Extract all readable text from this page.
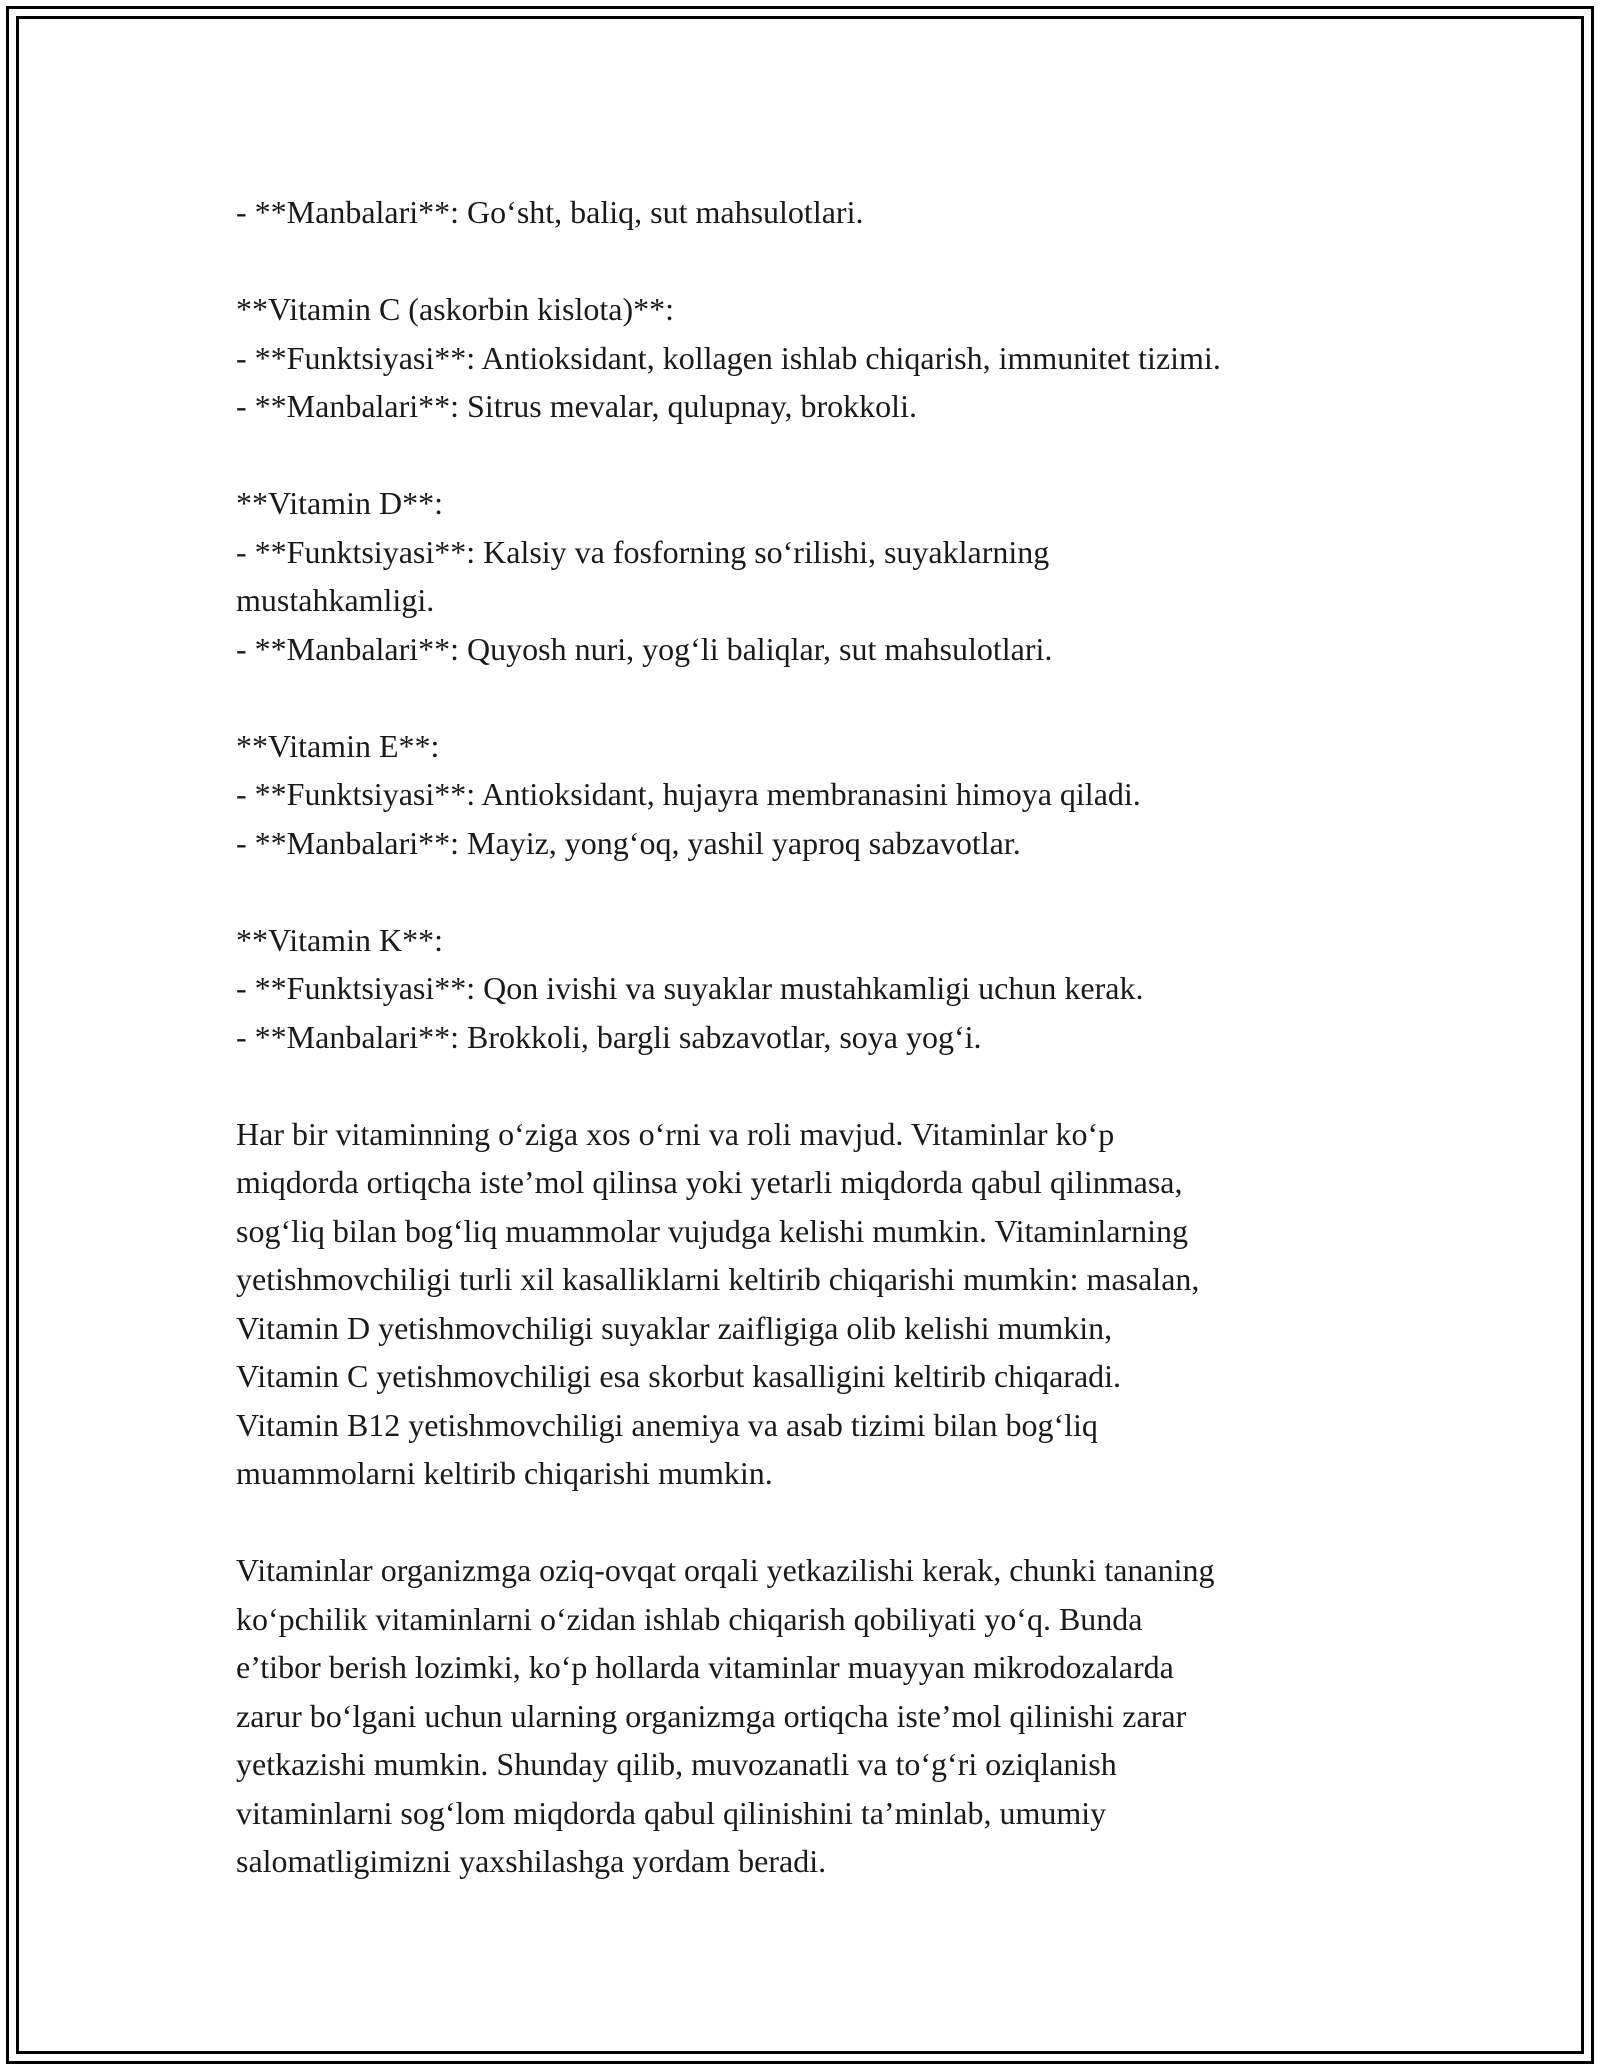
- **Manbalari**: Go‘sht, baliq, sut mahsulotlari.
**Vitamin C (askorbin kislota)**:
- **Funktsiyasi**: Antioksidant, kollagen ishlab chiqarish, immunitet tizimi.
- **Manbalari**: Sitrus mevalar, qulupnay, brokkoli.
**Vitamin D**:
- **Funktsiyasi**: Kalsiy va fosforning so‘rilishi, suyaklarning
mustahkamligi.
- **Manbalari**: Quyosh nuri, yog‘li baliqlar, sut mahsulotlari.
**Vitamin E**:
- **Funktsiyasi**: Antioksidant, hujayra membranasini himoya qiladi.
- **Manbalari**: Mayiz, yong‘oq, yashil yaproq sabzavotlar.
**Vitamin K**:
- **Funktsiyasi**: Qon ivishi va suyaklar mustahkamligi uchun kerak.
- **Manbalari**: Brokkoli, bargli sabzavotlar, soya yog‘i.

Har bir vitaminning o‘ziga xos o‘rni va roli mavjud. Vitaminlar ko‘p
miqdorda ortiqcha iste’mol qilinsa yoki yetarli miqdorda qabul qilinmasa,
sog‘liq bilan bog‘liq muammolar vujudga kelishi mumkin. Vitaminlarning
yetishmovchiligi turli xil kasalliklarni keltirib chiqarishi mumkin: masalan,
Vitamin D yetishmovchiligi suyaklar zaifligiga olib kelishi mumkin,
Vitamin C yetishmovchiligi esa skorbut kasalligini keltirib chiqaradi.
Vitamin B12 yetishmovchiligi anemiya va asab tizimi bilan bog‘liq
muammolarni keltirib chiqarishi mumkin.

Vitaminlar organizmga oziq-ovqat orqali yetkazilishi kerak, chunki tananing
ko‘pchilik vitaminlarni o‘zidan ishlab chiqarish qobiliyati yo‘q. Bunda
e’tibor berish lozimki, ko‘p hollarda vitaminlar muayyan mikrodozalarda
zarur bo‘lgani uchun ularning organizmga ortiqcha iste’mol qilinishi zarar
yetkazishi mumkin. Shunday qilib, muvozanatli va to‘g‘ri oziqlanish
vitaminlarni sog‘lom miqdorda qabul qilinishini ta’minlab, umumiy
salomatligimizni yaxshilashga yordam beradi.
